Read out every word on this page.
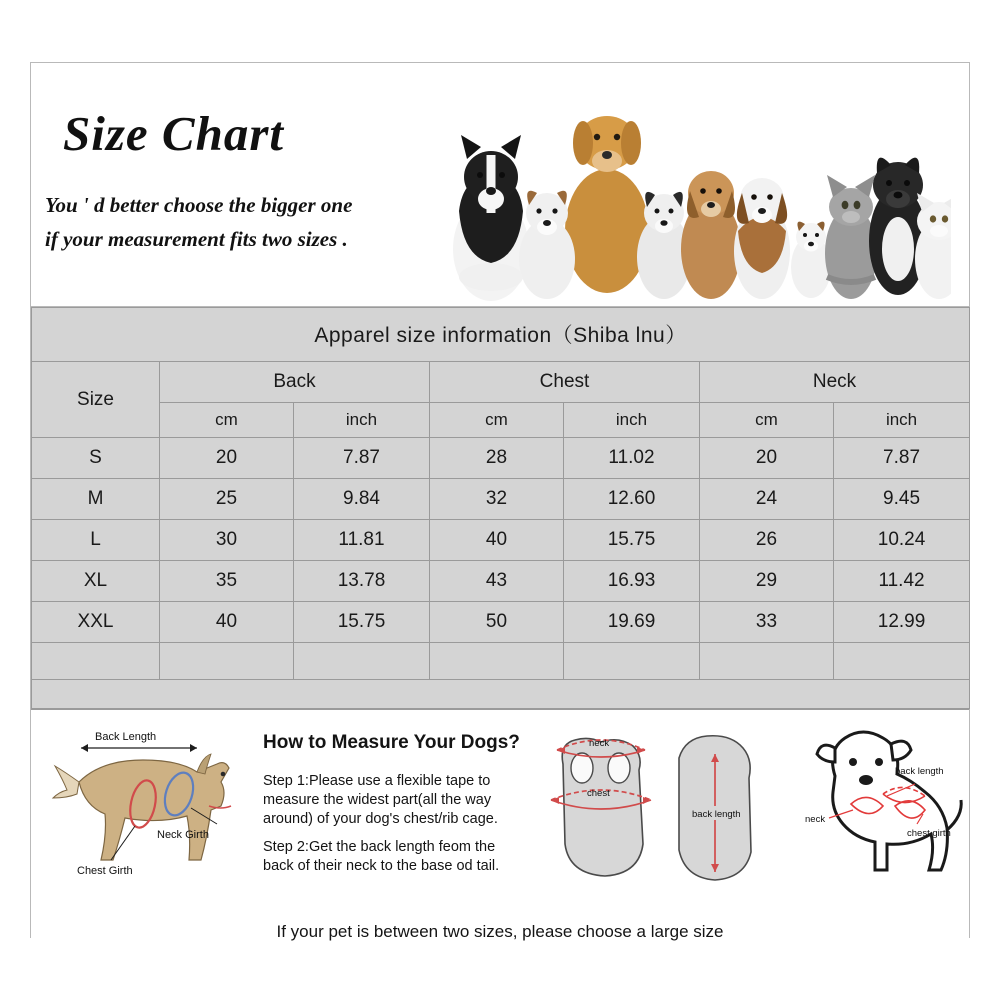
Size Chart
You ' d better choose the bigger one
if your measurement fits two sizes .
Apparel size information（Shiba lnu）						
Size	Back		Chest		Neck	
	cm	inch	cm	inch	cm	inch
S	20	7.87	28	11.02	20	7.87
M	25	9.84	32	12.60	24	9.45
L	30	11.81	40	15.75	26	10.24
XL	35	13.78	43	16.93	29	11.42
XXL	40	15.75	50	19.69	33	12.99

How to Measure Your Dogs?
Step 1:Please use a flexible tape to measure the widest part(all the way around) of your dog's chest/rib cage.
Step 2:Get the back length feom the back of their neck to the base od tail.
If your pet is between two sizes, please choose a large size
Back Length
Neck Girth
Chest Girth
neck
chest
back length
back length
neck
chest girth
